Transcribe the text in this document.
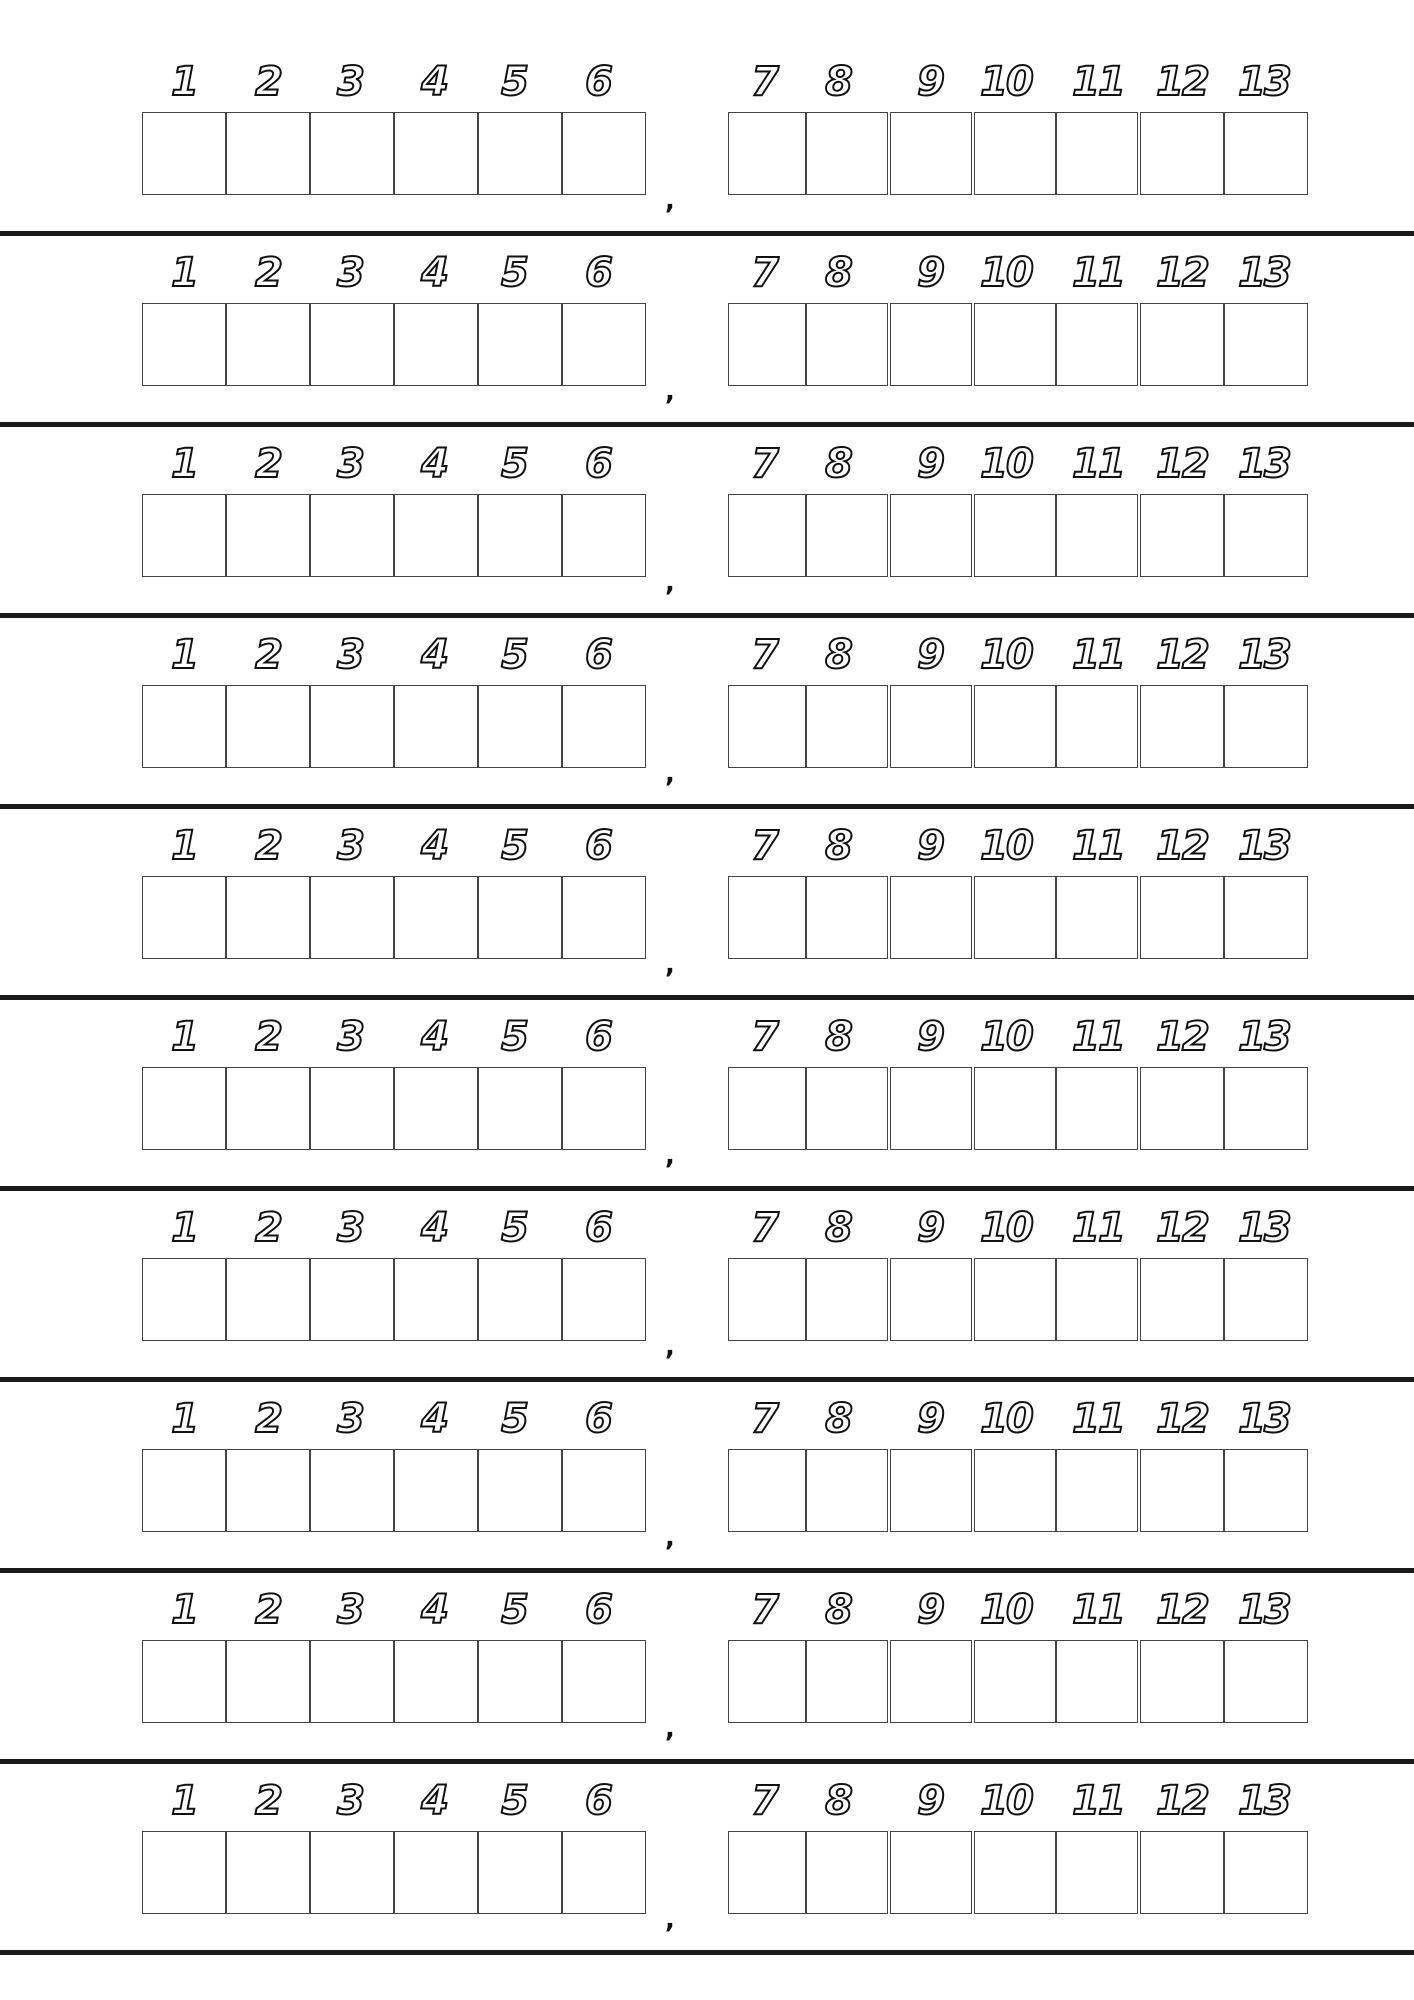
1 2 3 4 5 6
,
7 8 9 10 11 12 13
1 2 3 4 5 6
,
7 8 9 10 11 12 13
1 2 3 4 5 6
,
7 8 9 10 11 12 13
1 2 3 4 5 6
,
7 8 9 10 11 12 13
1 2 3 4 5 6
,
7 8 9 10 11 12 13
1 2 3 4 5 6
,
7 8 9 10 11 12 13
1 2 3 4 5 6
,
7 8 9 10 11 12 13
1 2 3 4 5 6
,
7 8 9 10 11 12 13
1 2 3 4 5 6
,
7 8 9 10 11 12 13
1 2 3 4 5 6
,
7 8 9 10 11 12 13
